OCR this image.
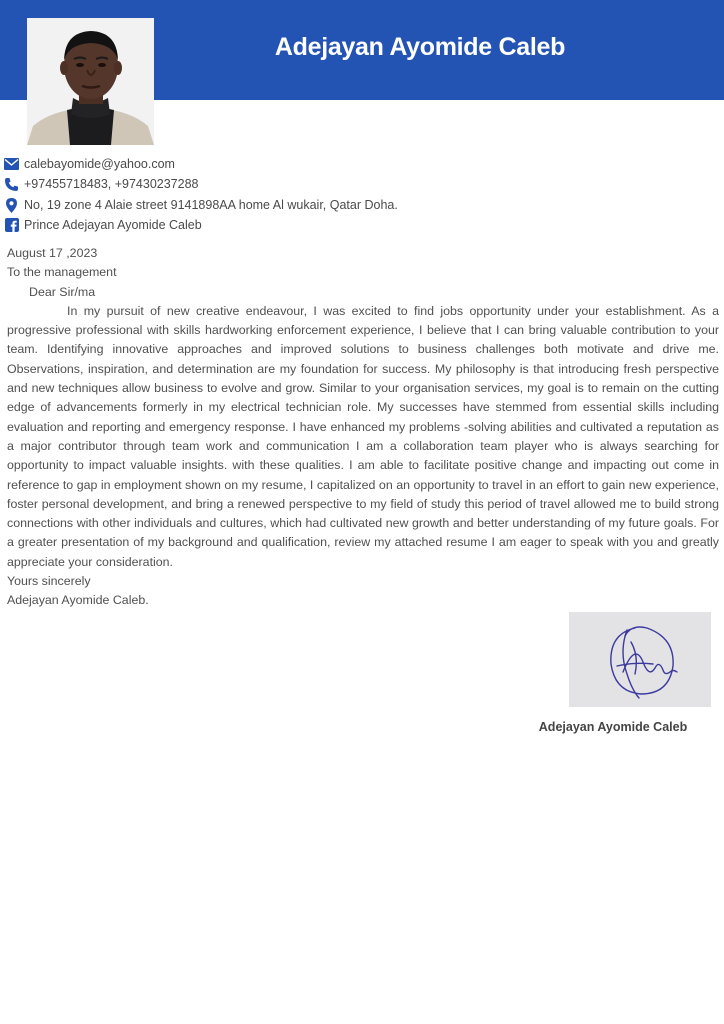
Adejayan Ayomide Caleb
calebayomide@yahoo.com
+97455718483, +97430237288
No, 19 zone 4 Alaie street 9141898AA home Al wukair, Qatar Doha.
Prince Adejayan Ayomide Caleb

August 17 ,2023

To the management

Dear Sir/ma

In my pursuit of new creative endeavour, I was excited to find jobs opportunity under your establishment. As a progressive professional with skills hardworking enforcement experience, I believe that I can bring valuable contribution to your team. Identifying innovative approaches and improved solutions to business challenges both motivate and drive me. Observations, inspiration, and determination are my foundation for success. My philosophy is that introducing fresh perspective and new techniques allow business to evolve and grow. Similar to your organisation services, my goal is to remain on the cutting edge of advancements formerly in my electrical technician role. My successes have stemmed from essential skills including evaluation and reporting and emergency response. I have enhanced my problems -solving abilities and cultivated a reputation as a major contributor through team work and communication I am a collaboration team player who is always searching for opportunity to impact valuable insights. with these qualities. I am able to facilitate positive change and impacting out come in reference to gap in employment shown on my resume, I capitalized on an opportunity to travel in an effort to gain new experience, foster personal development, and bring a renewed perspective to my field of study this period of travel allowed me to build strong connections with other individuals and cultures, which had cultivated new growth and better understanding of my future goals. For a greater presentation of my background and qualification, review my attached resume I am eager to speak with you and greatly appreciate your consideration.

Yours sincerely

Adejayan Ayomide Caleb.

Adejayan Ayomide Caleb
